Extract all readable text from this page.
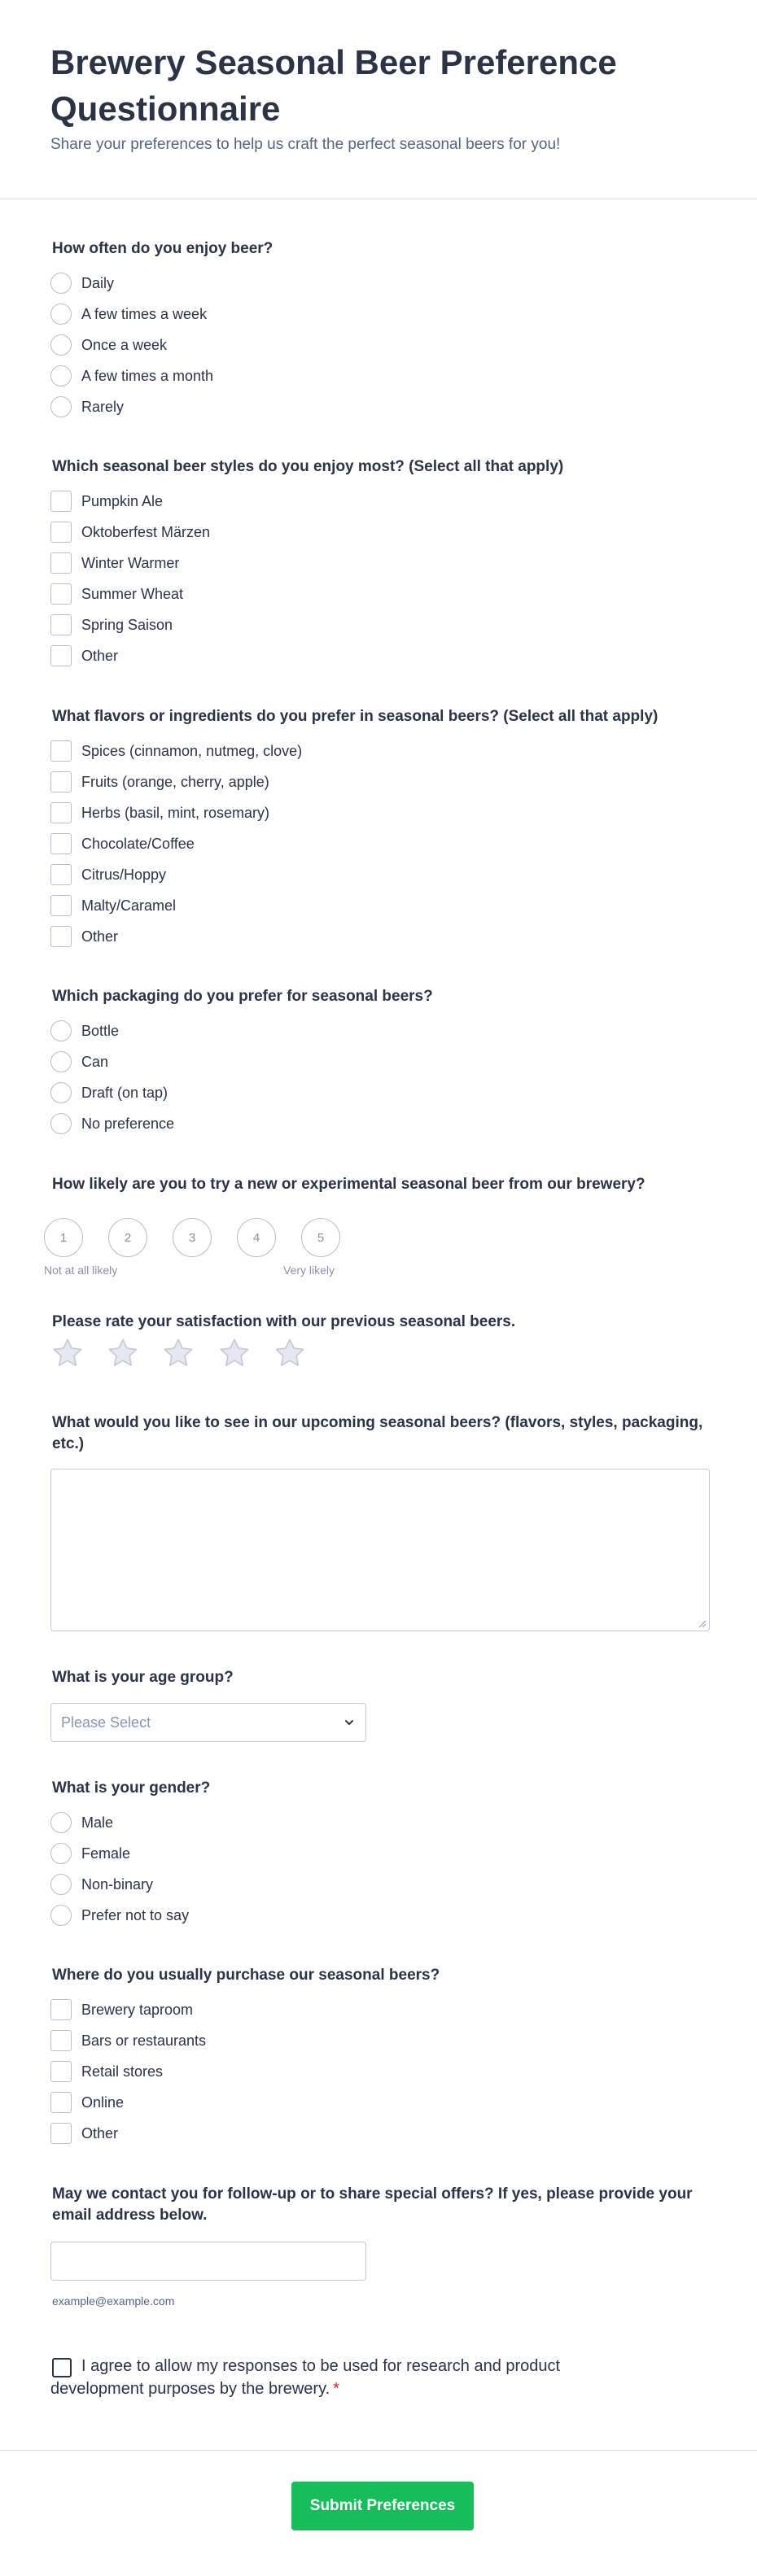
Brewery Seasonal Beer Preference Questionnaire
Share your preferences to help us craft the perfect seasonal beers for you!
How often do you enjoy beer?
Daily
A few times a week
Once a week
A few times a month
Rarely
Which seasonal beer styles do you enjoy most? (Select all that apply)
Pumpkin Ale
Oktoberfest Märzen
Winter Warmer
Summer Wheat
Spring Saison
Other
What flavors or ingredients do you prefer in seasonal beers? (Select all that apply)
Spices (cinnamon, nutmeg, clove)
Fruits (orange, cherry, apple)
Herbs (basil, mint, rosemary)
Chocolate/Coffee
Citrus/Hoppy
Malty/Caramel
Other
Which packaging do you prefer for seasonal beers?
Bottle
Can
Draft (on tap)
No preference
How likely are you to try a new or experimental seasonal beer from our brewery?
1	2	3	4	5
Not at all likely	Very likely
Please rate your satisfaction with our previous seasonal beers.
What would you like to see in our upcoming seasonal beers? (flavors, styles, packaging, etc.)
What is your age group?
Please Select
What is your gender?
Male
Female
Non-binary
Prefer not to say
Where do you usually purchase our seasonal beers?
Brewery taproom
Bars or restaurants
Retail stores
Online
Other
May we contact you for follow-up or to share special offers? If yes, please provide your email address below.
example@example.com
I agree to allow my responses to be used for research and product development purposes by the brewery. *
Submit Preferences
